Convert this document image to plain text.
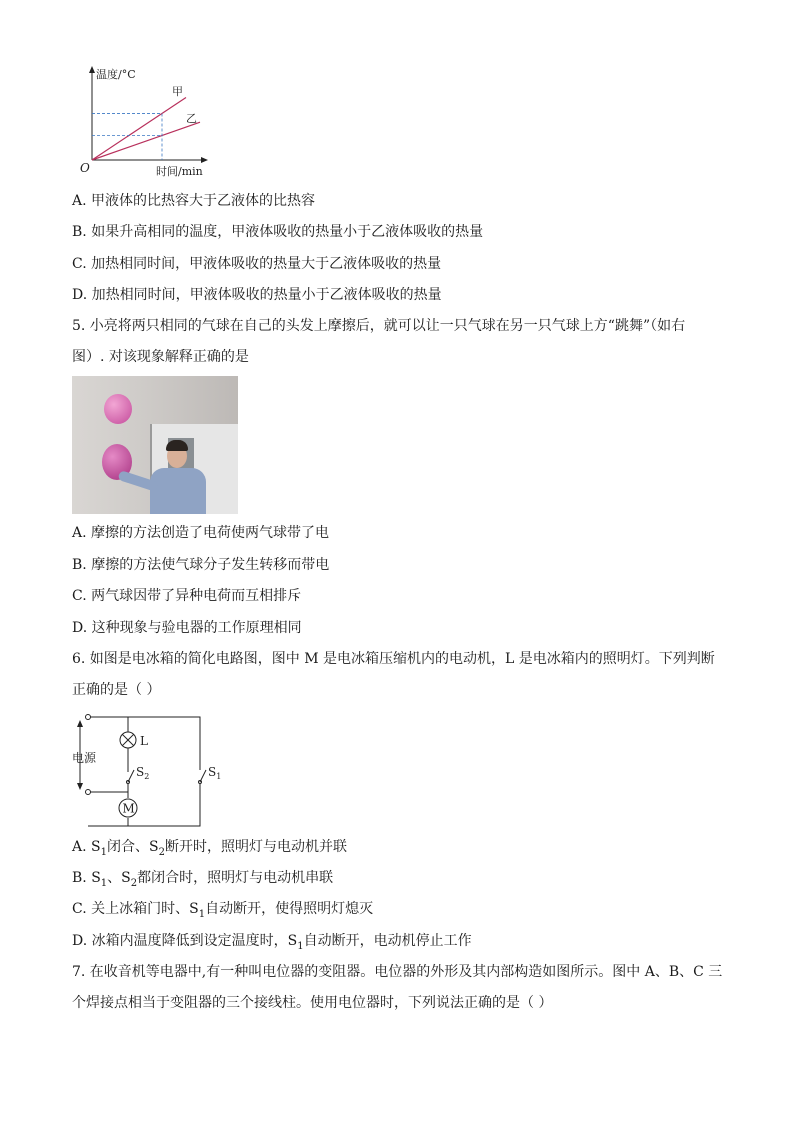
温度/°C
时间/min
O
甲
乙
A. 甲液体的比热容大于乙液体的比热容
B. 如果升高相同的温度，甲液体吸收的热量小于乙液体吸收的热量
C. 加热相同时间，甲液体吸收的热量大于乙液体吸收的热量
D. 加热相同时间，甲液体吸收的热量小于乙液体吸收的热量
5. 小亮将两只相同的气球在自己的头发上摩擦后，就可以让一只气球在另一只气球上方“跳舞”（如右
图）. 对该现象解释正确的是
A. 摩擦的方法创造了电荷使两气球带了电
B. 摩擦的方法使气球分子发生转移而带电
C. 两气球因带了异种电荷而互相排斥
D. 这种现象与验电器的工作原理相同
6. 如图是电冰箱的简化电路图，图中 M 是电冰箱压缩机内的电动机，L 是电冰箱内的照明灯。下列判断
正确的是（ ）
M
L
电源
$S_2$	$S_1$
A. $S_1$闭合、$S_2$断开时，照明灯与电动机并联
B. $S_1$、$S_2$都闭合时，照明灯与电动机串联
C. 关上冰箱门时、$S_1$自动断开，使得照明灯熄灭
D. 冰箱内温度降低到设定温度时，$S_1$自动断开，电动机停止工作
7. 在收音机等电器中,有一种叫电位器的变阻器。电位器的外形及其内部构造如图所示。图中 A、B、C 三
个焊接点相当于变阻器的三个接线柱。使用电位器时，下列说法正确的是（ ）
